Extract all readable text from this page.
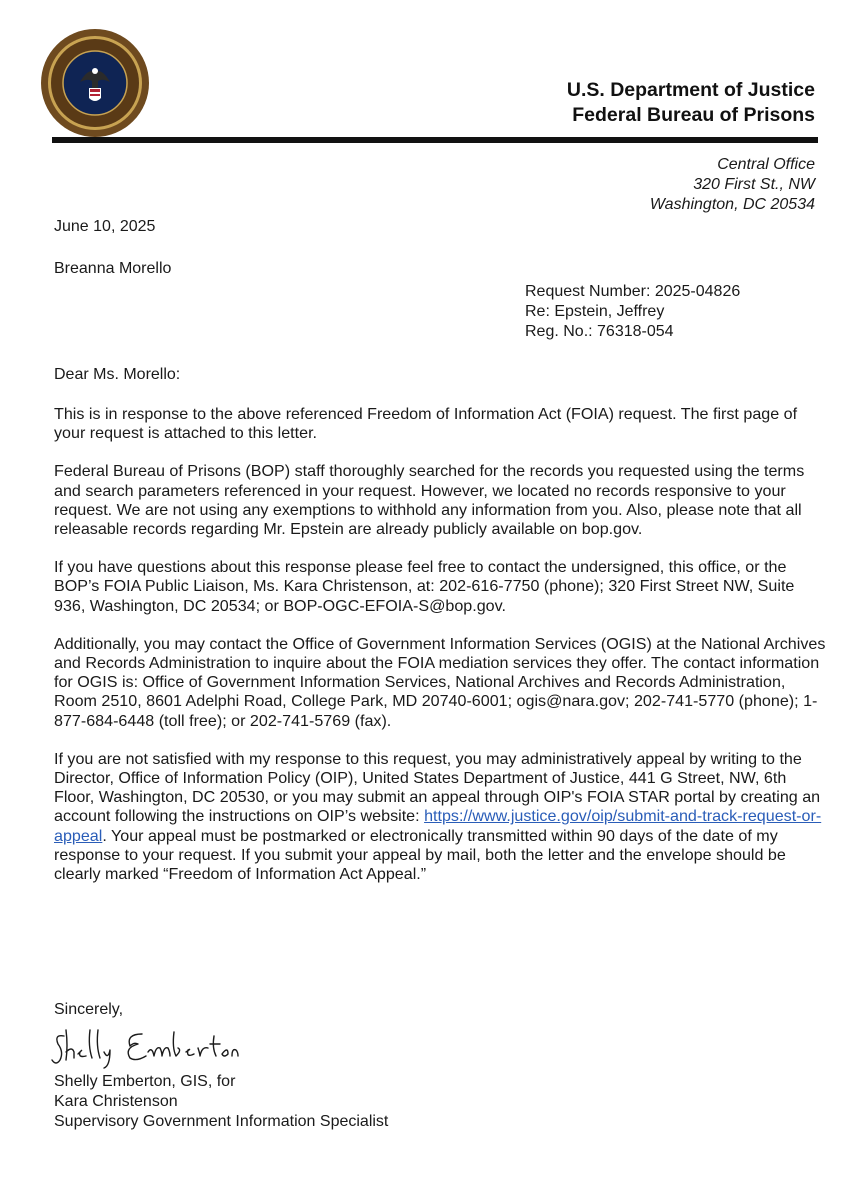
U.S. Department of Justice
Federal Bureau of Prisons
Central Office
320 First St., NW
Washington, DC 20534
June 10, 2025
Breanna Morello
Request Number: 2025-04826
Re: Epstein, Jeffrey
Reg. No.: 76318-054
Dear Ms. Morello:

This is in response to the above referenced Freedom of Information Act (FOIA) request. The first page of your request is attached to this letter.

Federal Bureau of Prisons (BOP) staff thoroughly searched for the records you requested using the terms and search parameters referenced in your request. However, we located no records responsive to your request. We are not using any exemptions to withhold any information from you. Also, please note that all releasable records regarding Mr. Epstein are already publicly available on bop.gov.

If you have questions about this response please feel free to contact the undersigned, this office, or the BOP’s FOIA Public Liaison, Ms. Kara Christenson, at: 202-616-7750 (phone); 320 First Street NW, Suite 936, Washington, DC 20534; or BOP-OGC-EFOIA-S@bop.gov.

Additionally, you may contact the Office of Government Information Services (OGIS) at the National Archives and Records Administration to inquire about the FOIA mediation services they offer. The contact information for OGIS is: Office of Government Information Services, National Archives and Records Administration, Room 2510, 8601 Adelphi Road, College Park, MD 20740-6001; ogis@nara.gov; 202-741-5770 (phone); 1-877-684-6448 (toll free); or 202-741-5769 (fax).

If you are not satisfied with my response to this request, you may administratively appeal by writing to the Director, Office of Information Policy (OIP), United States Department of Justice, 441 G Street, NW, 6th Floor, Washington, DC 20530, or you may submit an appeal through OIP's FOIA STAR portal by creating an account following the instructions on OIP’s website: https://www.justice.gov/oip/submit-and-track-request-or-appeal. Your appeal must be postmarked or electronically transmitted within 90 days of the date of my response to your request. If you submit your appeal by mail, both the letter and the envelope should be clearly marked “Freedom of Information Act Appeal.”

Sincerely,
Shelly Emberton, GIS, for
Kara Christenson
Supervisory Government Information Specialist
